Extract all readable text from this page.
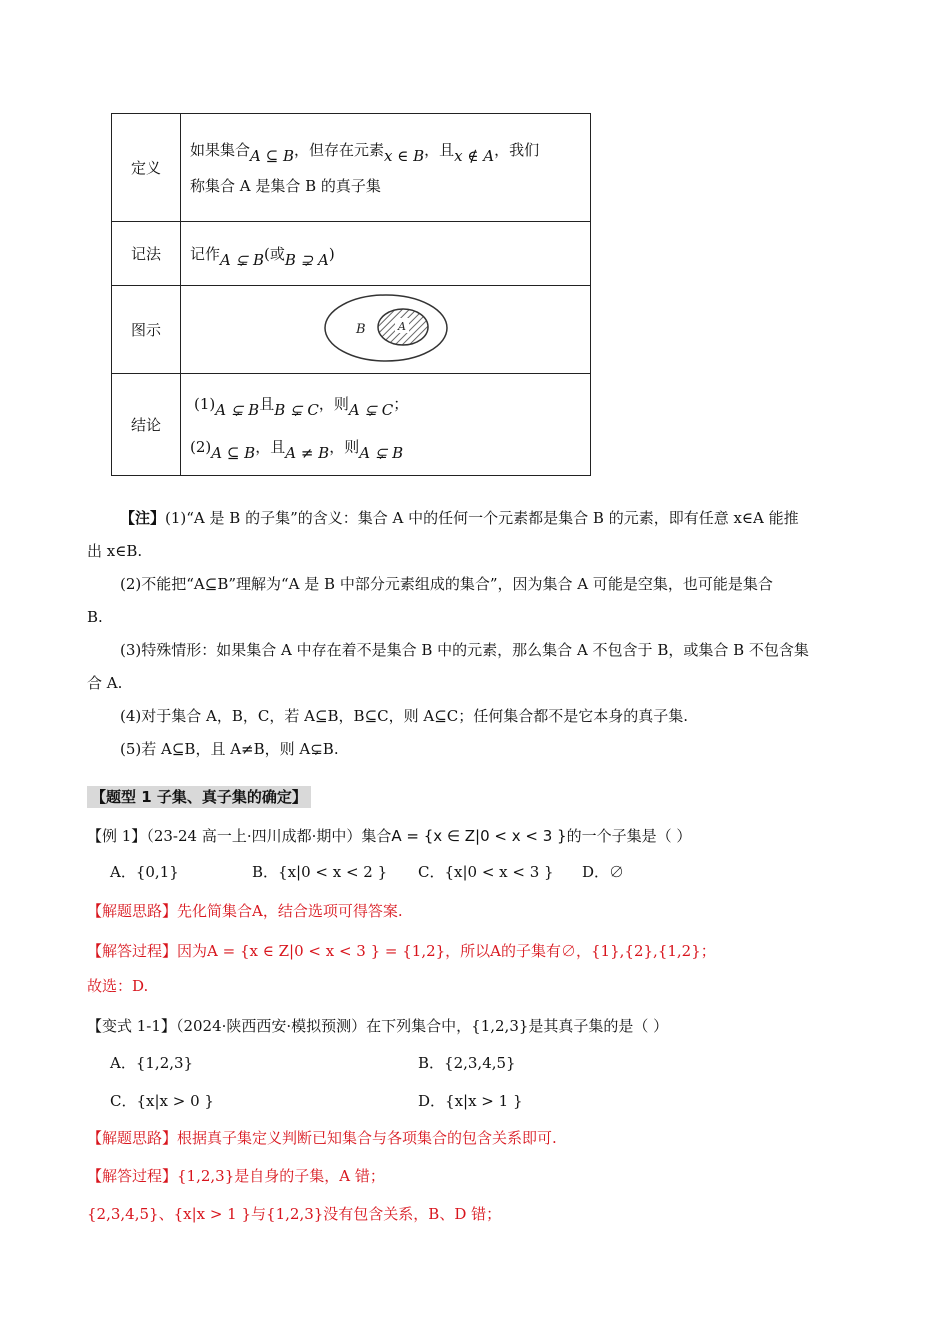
定义	如果集合A ⊆ B，但存在元素x ∈ B，且x ∉ A，我们
称集合 A 是集合 B 的真子集

记法	记作A ⊊ B(或B ⊋ A)
图示	B A

结论	(1)A ⊊ B且B ⊊ C，则A ⊊ C；
(2)A ⊆ B，且A ≠ B，则A ⊊ B
【注】(1)“A 是 B 的子集”的含义：集合 A 中的任何一个元素都是集合 B 的元素，即有任意 x∈A 能推
出 x∈B.
(2)不能把“A⊆B”理解为“A 是 B 中部分元素组成的集合”，因为集合 A 可能是空集，也可能是集合
B.
(3)特殊情形：如果集合 A 中存在着不是集合 B 中的元素，那么集合 A 不包含于 B，或集合 B 不包含集
合 A.
(4)对于集合 A，B，C，若 A⊆B，B⊆C，则 A⊆C；任何集合都不是它本身的真子集.
(5)若 A⊆B，且 A≠B，则 A⊊B.
【题型 1 子集、真子集的确定】
【例 1】（23-24 高一上·四川成都·期中）集合A = {x ∈ Z|0 < x < 3 }的一个子集是（ ）
A．{0,1}	B．{x|0 < x < 2 } C．{x|0 < x < 3 } D．∅
【解题思路】先化简集合A，结合选项可得答案.
【解答过程】因为A = {x ∈ Z|0 < x < 3 } = {1,2}，所以A的子集有∅，{1},{2},{1,2}；
故选：D.
【变式 1-1】（2024·陕西西安·模拟预测）在下列集合中，{1,2,3}是其真子集的是（ ）
A．{1,2,3}	B．{2,3,4,5}
C．{x|x > 0 }	D．{x|x > 1 }
【解题思路】根据真子集定义判断已知集合与各项集合的包含关系即可.
【解答过程】{1,2,3}是自身的子集，A 错；
{2,3,4,5}、{x|x > 1 }与{1,2,3}没有包含关系，B、D 错；
